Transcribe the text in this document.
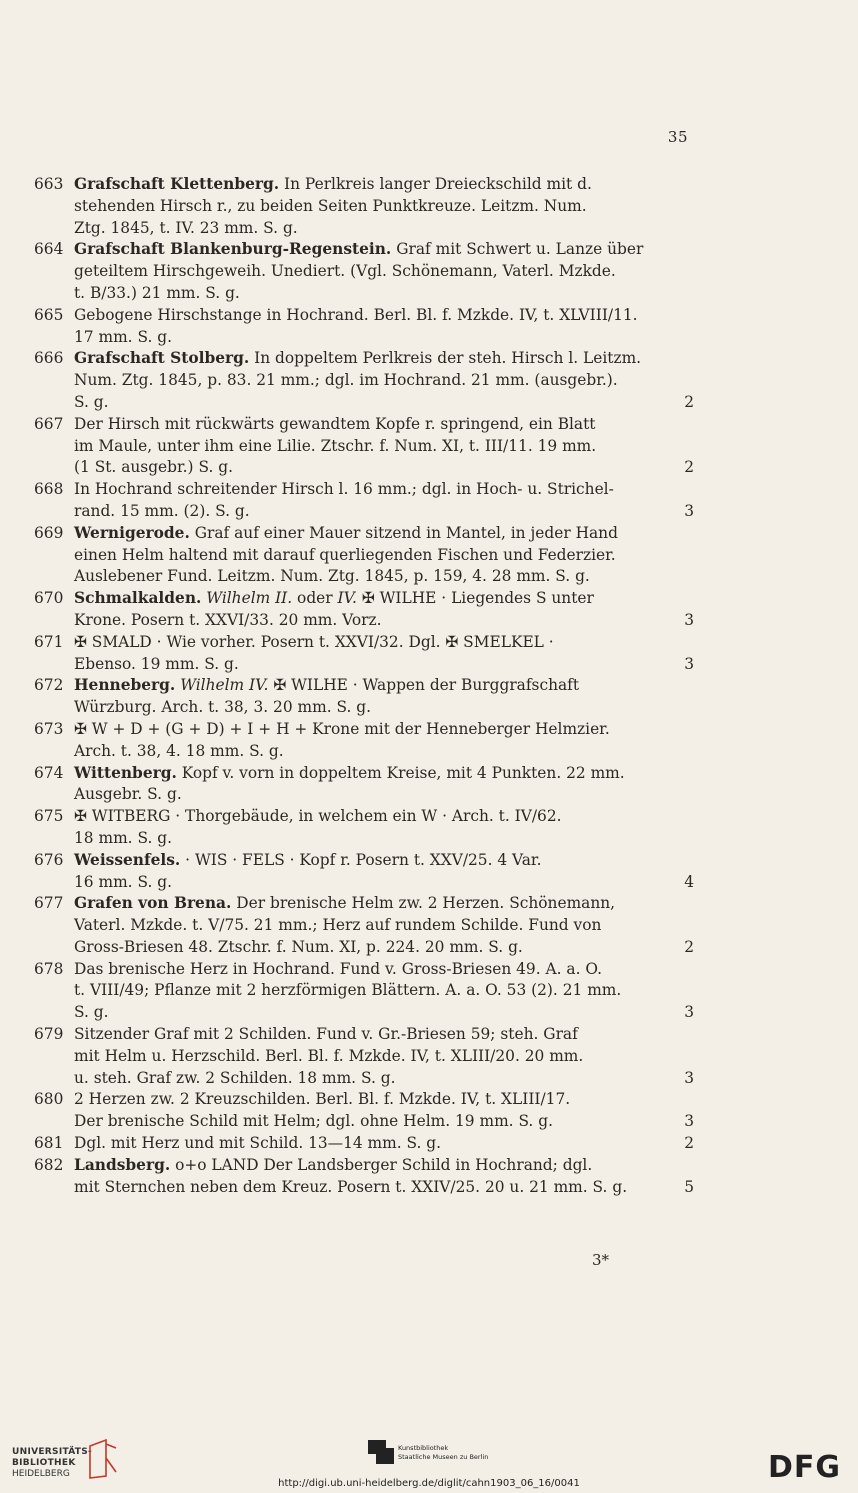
35
663 Grafschaft Klettenberg. In Perlkreis langer Dreieckschild mit d.
stehenden Hirsch r., zu beiden Seiten Punktkreuze. Leitzm. Num.
Ztg. 1845, t. IV. 23 mm. S. g.
664 Grafschaft Blankenburg-Regenstein. Graf mit Schwert u. Lanze über
geteiltem Hirschgeweih. Unediert. (Vgl. Schönemann, Vaterl. Mzkde.
t. B/33.) 21 mm. S. g.
665 Gebogene Hirschstange in Hochrand. Berl. Bl. f. Mzkde. IV, t. XLVIII/11.
17 mm. S. g.
666 Grafschaft Stolberg. In doppeltem Perlkreis der steh. Hirsch l. Leitzm.
Num. Ztg. 1845, p. 83. 21 mm.; dgl. im Hochrand. 21 mm. (ausgebr.).
S. g.	2
667 Der Hirsch mit rückwärts gewandtem Kopfe r. springend, ein Blatt
im Maule, unter ihm eine Lilie. Ztschr. f. Num. XI, t. III/11. 19 mm.
(1 St. ausgebr.) S. g.	2
668 In Hochrand schreitender Hirsch l. 16 mm.; dgl. in Hoch- u. Strichel-
rand. 15 mm. (2). S. g.	3
669 Wernigerode. Graf auf einer Mauer sitzend in Mantel, in jeder Hand
einen Helm haltend mit darauf querliegenden Fischen und Federzier.
Auslebener Fund. Leitzm. Num. Ztg. 1845, p. 159, 4. 28 mm. S. g.
670 Schmalkalden. Wilhelm II. oder IV. ✠ WILHE · Liegendes S unter
Krone. Posern t. XXVI/33. 20 mm. Vorz.	3
671 ✠ SMALD · Wie vorher. Posern t. XXVI/32. Dgl. ✠ SMELKEL ·
Ebenso. 19 mm. S. g.	3
672 Henneberg. Wilhelm IV. ✠ WILHE · Wappen der Burggrafschaft
Würzburg. Arch. t. 38, 3. 20 mm. S. g.
673 ✠ W + D + (G + D) + I + H + Krone mit der Henneberger Helmzier.
Arch. t. 38, 4. 18 mm. S. g.
674 Wittenberg. Kopf v. vorn in doppeltem Kreise, mit 4 Punkten. 22 mm.
Ausgebr. S. g.
675 ✠ WITBERG · Thorgebäude, in welchem ein W · Arch. t. IV/62.
18 mm. S. g.
676 Weissenfels. · WIS · FELS · Kopf r. Posern t. XXV/25. 4 Var.
16 mm. S. g.	4
677 Grafen von Brena. Der brenische Helm zw. 2 Herzen. Schönemann,
Vaterl. Mzkde. t. V/75. 21 mm.; Herz auf rundem Schilde. Fund von
Gross-Briesen 48. Ztschr. f. Num. XI, p. 224. 20 mm. S. g.	2
678 Das brenische Herz in Hochrand. Fund v. Gross-Briesen 49. A. a. O.
t. VIII/49; Pflanze mit 2 herzförmigen Blättern. A. a. O. 53 (2). 21 mm.
S. g.	3
679 Sitzender Graf mit 2 Schilden. Fund v. Gr.-Briesen 59; steh. Graf
mit Helm u. Herzschild. Berl. Bl. f. Mzkde. IV, t. XLIII/20. 20 mm.
u. steh. Graf zw. 2 Schilden. 18 mm. S. g.	3
680 2 Herzen zw. 2 Kreuzschilden. Berl. Bl. f. Mzkde. IV, t. XLIII/17.
Der brenische Schild mit Helm; dgl. ohne Helm. 19 mm. S. g.	3
681 Dgl. mit Herz und mit Schild. 13—14 mm. S. g.	2
682 Landsberg. o+o LAND Der Landsberger Schild in Hochrand; dgl.
mit Sternchen neben dem Kreuz. Posern t. XXIV/25. 20 u. 21 mm. S. g.	5
3*
UNIVERSITÄTS-
BIBLIOTHEK
HEIDELBERG
Kunstbibliothek
Staatliche Museen zu Berlin	DFG
http://digi.ub.uni-heidelberg.de/diglit/cahn1903_06_16/0041
